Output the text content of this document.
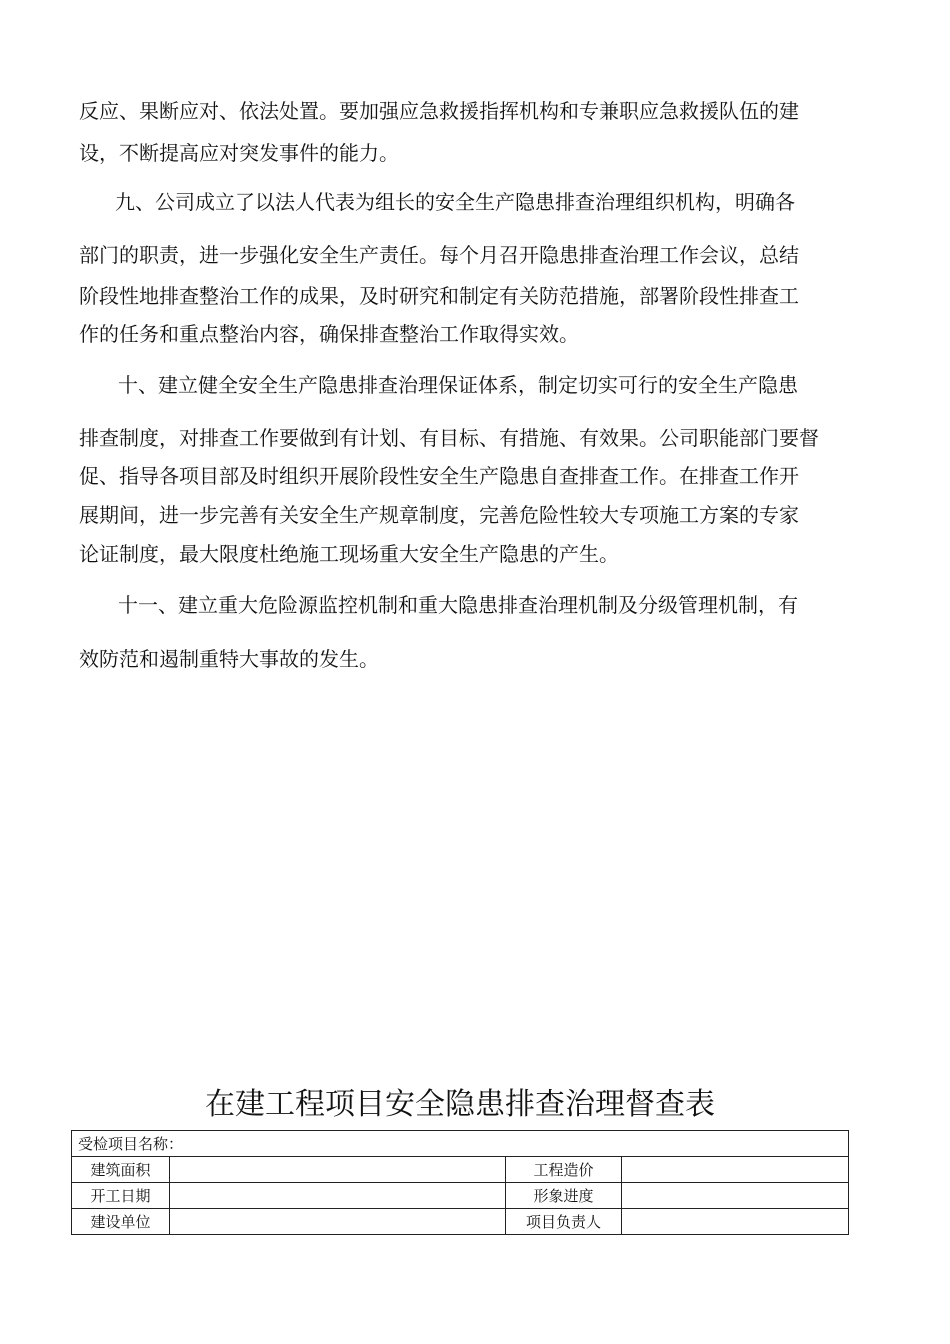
反应、果断应对、依法处置。要加强应急救援指挥机构和专兼职应急救援队伍的建
设，不断提高应对突发事件的能力。
九、公司成立了以法人代表为组长的安全生产隐患排查治理组织机构，明确各
部门的职责，进一步强化安全生产责任。每个月召开隐患排查治理工作会议，总结
阶段性地排查整治工作的成果，及时研究和制定有关防范措施，部署阶段性排查工
作的任务和重点整治内容，确保排查整治工作取得实效。
十、建立健全安全生产隐患排查治理保证体系，制定切实可行的安全生产隐患
排查制度，对排查工作要做到有计划、有目标、有措施、有效果。公司职能部门要督
促、指导各项目部及时组织开展阶段性安全生产隐患自查排查工作。在排查工作开
展期间，进一步完善有关安全生产规章制度，完善危险性较大专项施工方案的专家
论证制度，最大限度杜绝施工现场重大安全生产隐患的产生。
十一、建立重大危险源监控机制和重大隐患排查治理机制及分级管理机制，有
效防范和遏制重特大事故的发生。
在建工程项目安全隐患排查治理督查表
受检项目名称：			
建筑面积		工程造价	
开工日期		形象进度	
建设单位		项目负责人	
